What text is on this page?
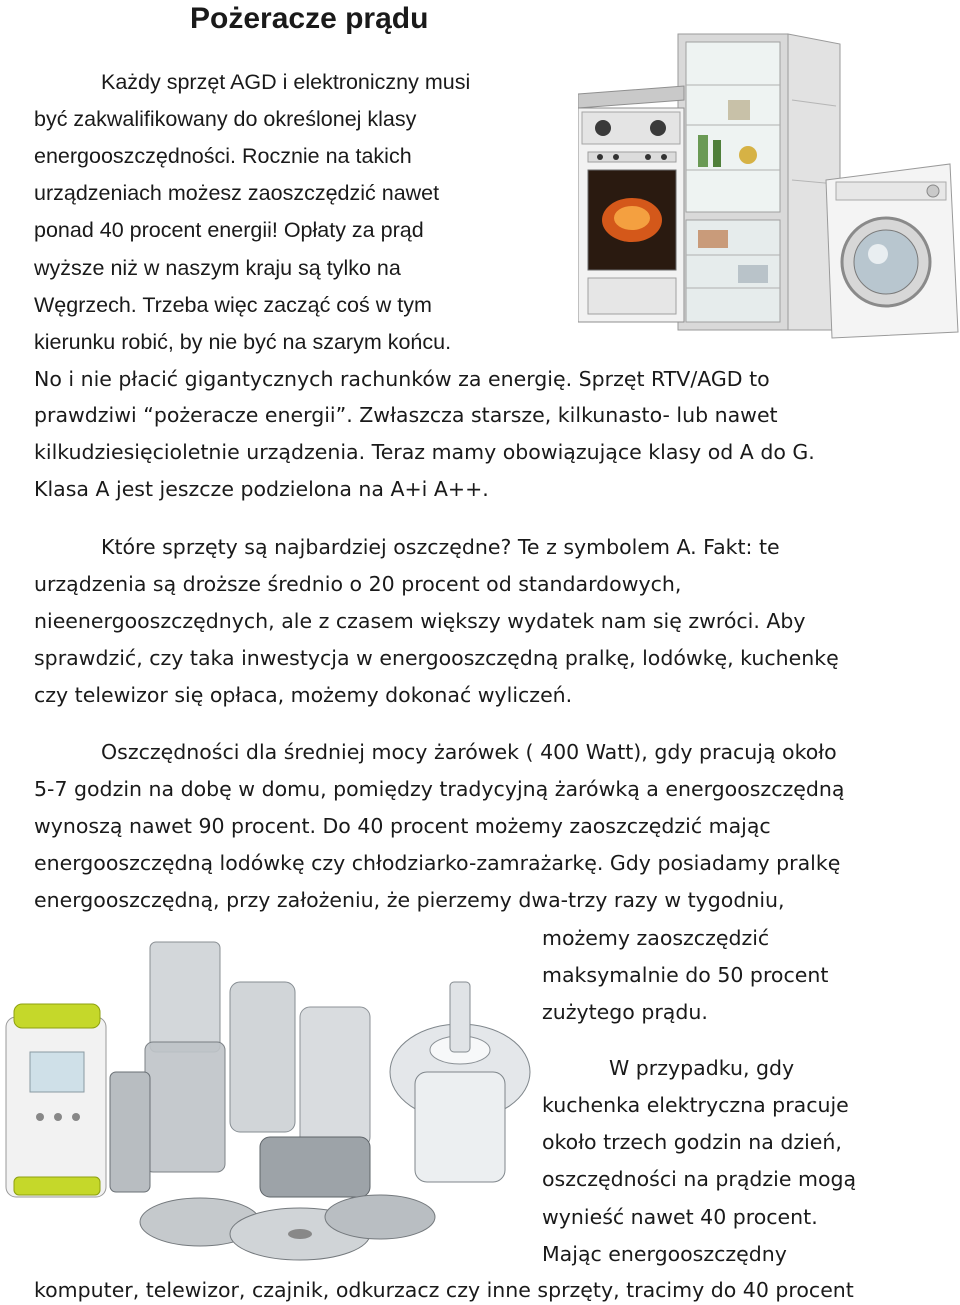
Pożeracze prądu
Każdy sprzęt AGD i elektroniczny musi
być zakwalifikowany do określonej klasy
energooszczędności. Rocznie na takich
urządzeniach możesz zaoszczędzić nawet
ponad 40 procent energii! Opłaty za prąd
wyższe niż w naszym kraju są tylko na
Węgrzech. Trzeba więc zacząć coś w tym
kierunku robić, by nie być na szarym końcu.
No i nie płacić gigantycznych rachunków za energię. Sprzęt RTV/AGD to
prawdziwi “pożeracze energii”. Zwłaszcza starsze, kilkunasto- lub nawet
kilkudziesięcioletnie urządzenia. Teraz mamy obowiązujące klasy od A do G.
Klasa A jest jeszcze podzielona na A+i A++.
Które sprzęty są najbardziej oszczędne? Te z symbolem A. Fakt: te
urządzenia są droższe średnio o 20 procent od standardowych,
nieenergooszczędnych, ale z czasem większy wydatek nam się zwróci. Aby
sprawdzić, czy taka inwestycja w energooszczędną pralkę, lodówkę, kuchenkę
czy telewizor się opłaca, możemy dokonać wyliczeń.
Oszczędności dla średniej mocy żarówek ( 400 Watt), gdy pracują około
5-7 godzin na dobę w domu, pomiędzy tradycyjną żarówką a energooszczędną
wynoszą nawet 90 procent. Do 40 procent możemy zaoszczędzić mając
energooszczędną lodówkę czy chłodziarko-zamrażarkę. Gdy posiadamy pralkę
energooszczędną, przy założeniu, że pierzemy dwa-trzy razy w tygodniu,
możemy zaoszczędzić
maksymalnie do 50 procent
zużytego prądu.
W przypadku, gdy
kuchenka elektryczna pracuje
około trzech godzin na dzień,
oszczędności na prądzie mogą
wynieść nawet 40 procent.
Mając energooszczędny
komputer, telewizor, czajnik, odkurzacz czy inne sprzęty, tracimy do 40 procent
